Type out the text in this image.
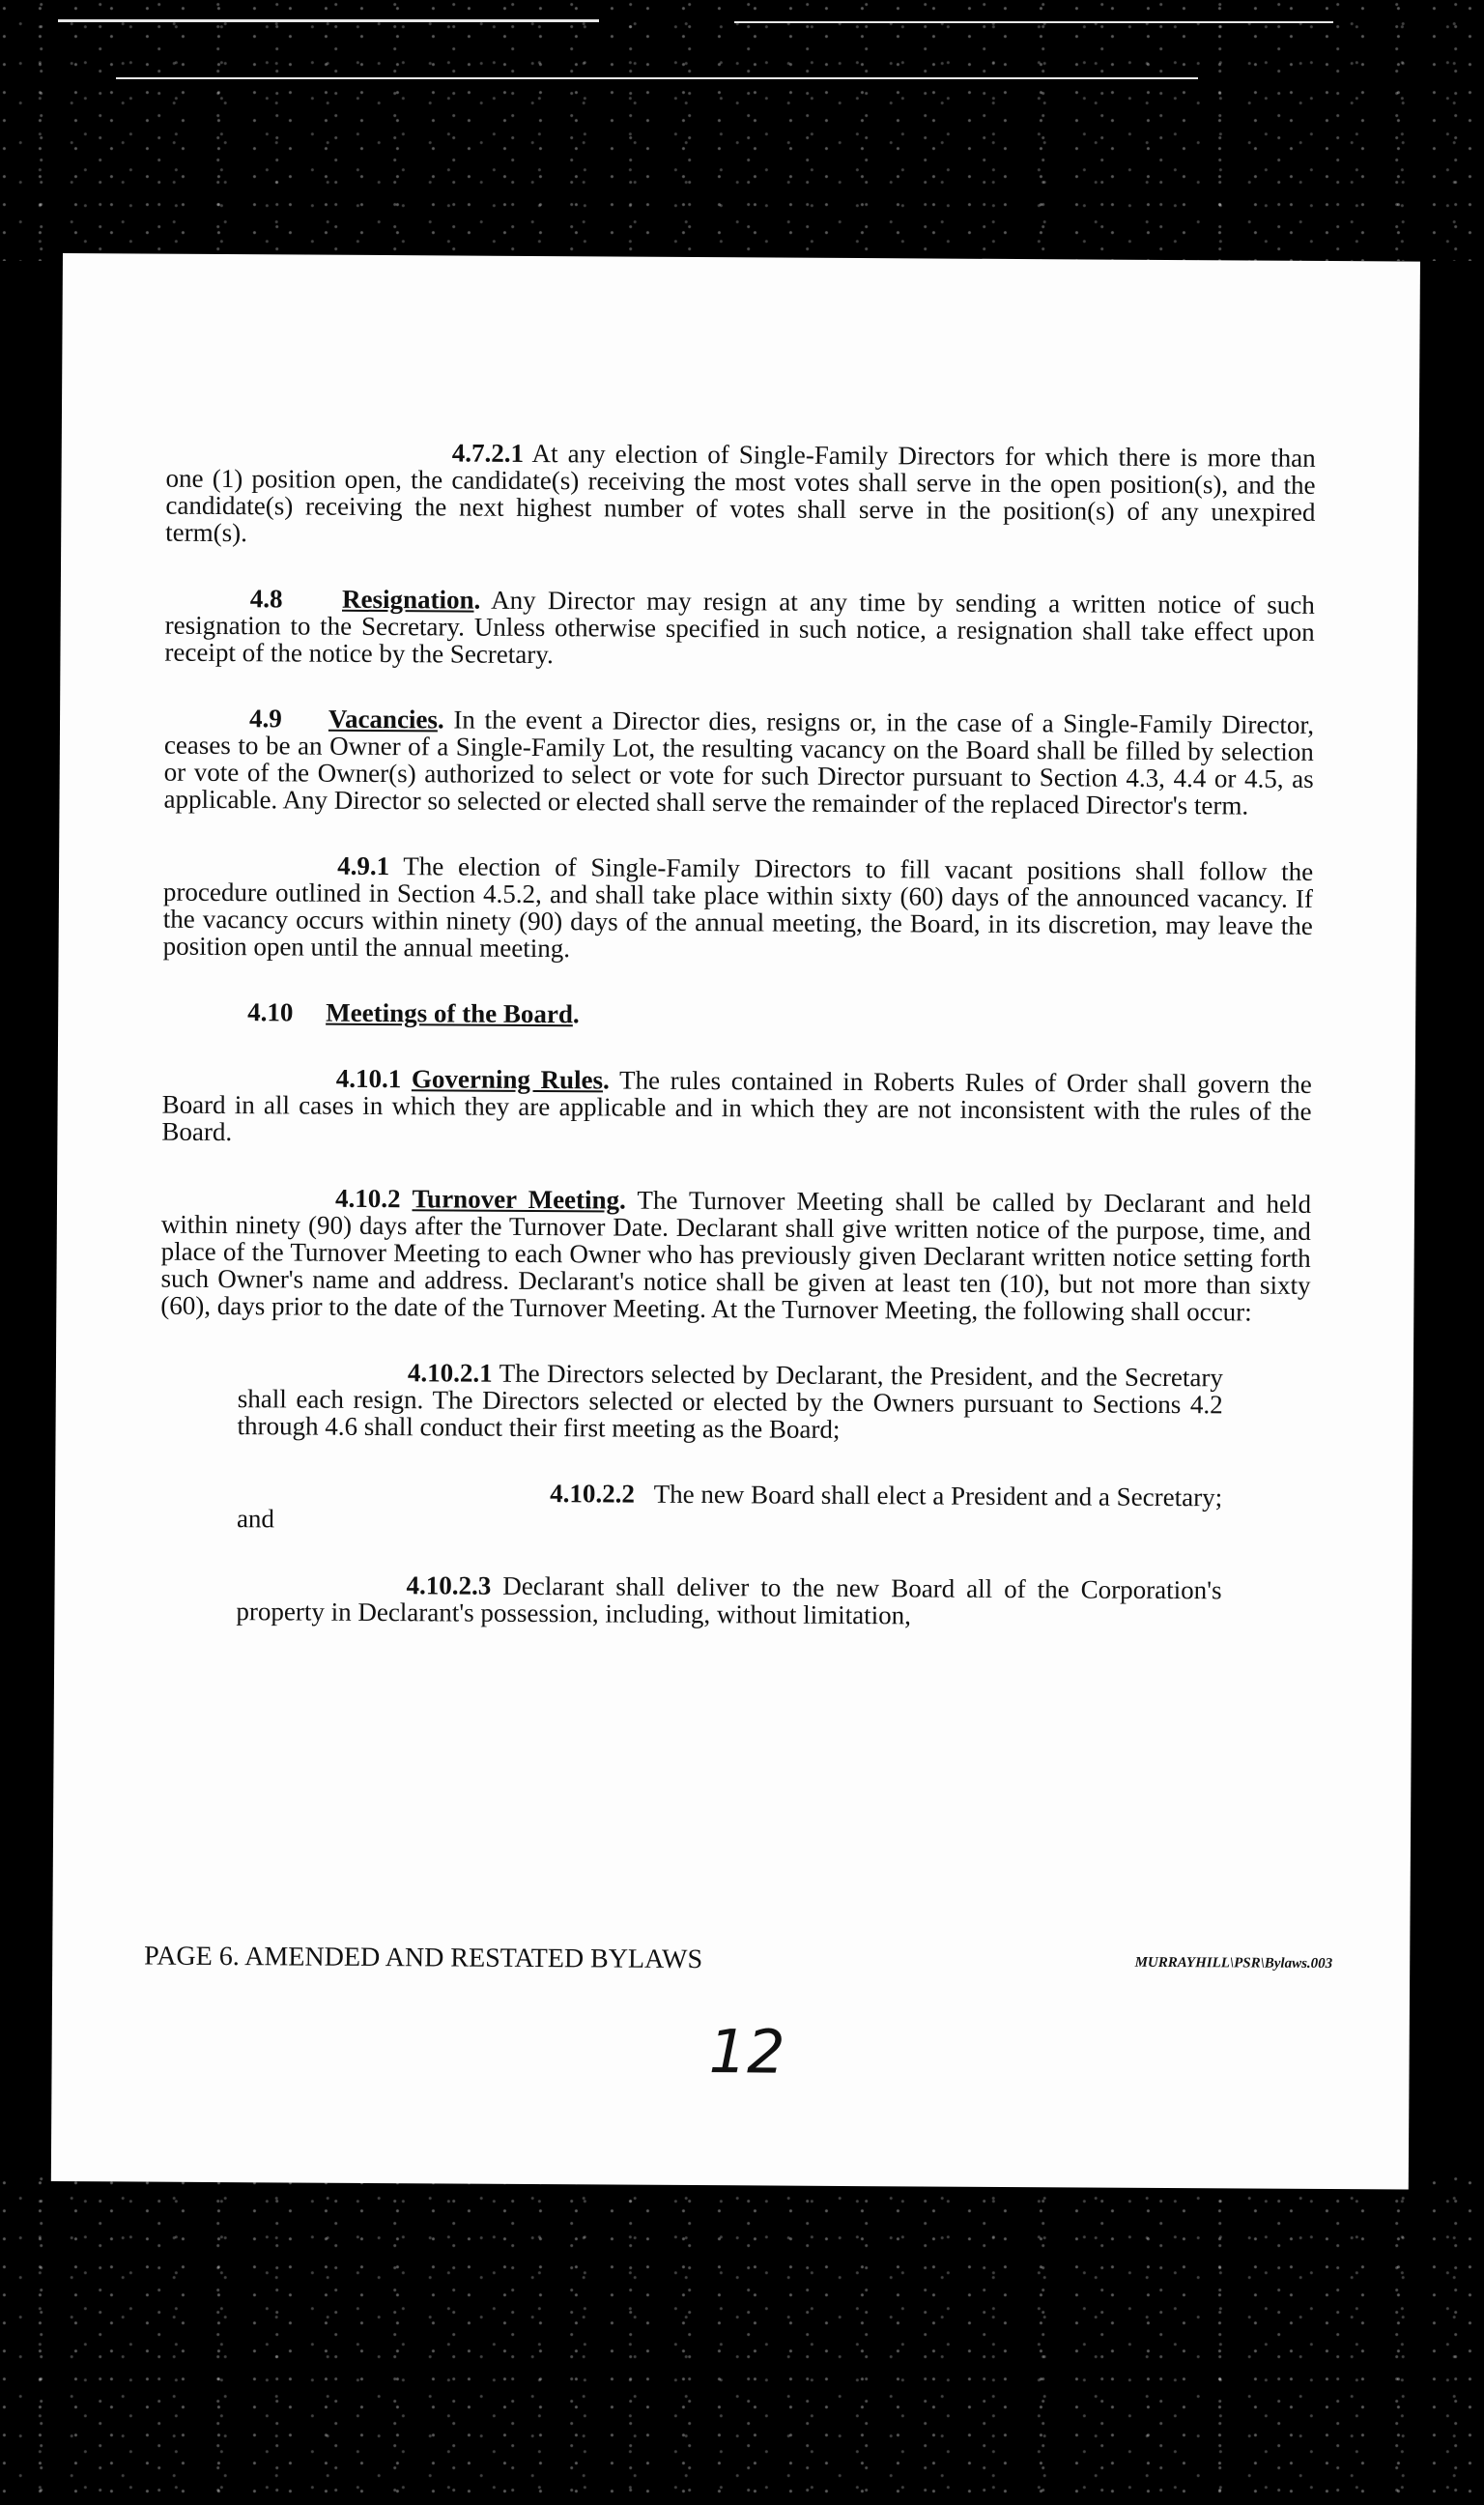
4.7.2.1 At any election of Single-Family Directors for which there is more than one (1) position open, the candidate(s) receiving the most votes shall serve in the open position(s), and the candidate(s) receiving the next highest number of votes shall serve in the position(s) of any unexpired term(s).

4.8 Resignation. Any Director may resign at any time by sending a written notice of such resignation to the Secretary. Unless otherwise specified in such notice, a resignation shall take effect upon receipt of the notice by the Secretary.

4.9 Vacancies. In the event a Director dies, resigns or, in the case of a Single-Family Director, ceases to be an Owner of a Single-Family Lot, the resulting vacancy on the Board shall be filled by selection or vote of the Owner(s) authorized to select or vote for such Director pursuant to Section 4.3, 4.4 or 4.5, as applicable. Any Director so selected or elected shall serve the remainder of the replaced Director's term.

4.9.1 The election of Single-Family Directors to fill vacant positions shall follow the procedure outlined in Section 4.5.2, and shall take place within sixty (60) days of the announced vacancy. If the vacancy occurs within ninety (90) days of the annual meeting, the Board, in its discretion, may leave the position open until the annual meeting.

4.10 Meetings of the Board.

4.10.1 Governing Rules. The rules contained in Roberts Rules of Order shall govern the Board in all cases in which they are applicable and in which they are not inconsistent with the rules of the Board.

4.10.2 Turnover Meeting. The Turnover Meeting shall be called by Declarant and held within ninety (90) days after the Turnover Date. Declarant shall give written notice of the purpose, time, and place of the Turnover Meeting to each Owner who has previously given Declarant written notice setting forth such Owner's name and address. Declarant's notice shall be given at least ten (10), but not more than sixty (60), days prior to the date of the Turnover Meeting. At the Turnover Meeting, the following shall occur:

4.10.2.1 The Directors selected by Declarant, the President, and the Secretary shall each resign. The Directors selected or elected by the Owners pursuant to Sections 4.2 through 4.6 shall conduct their first meeting as the Board;

4.10.2.2 The new Board shall elect a President and a Secretary;
and

4.10.2.3 Declarant shall deliver to the new Board all of the Corporation's property in Declarant's possession, including, without limitation,

PAGE 6. AMENDED AND RESTATED BYLAWS	MURRAYHILL\PSR\Bylaws.003
12
